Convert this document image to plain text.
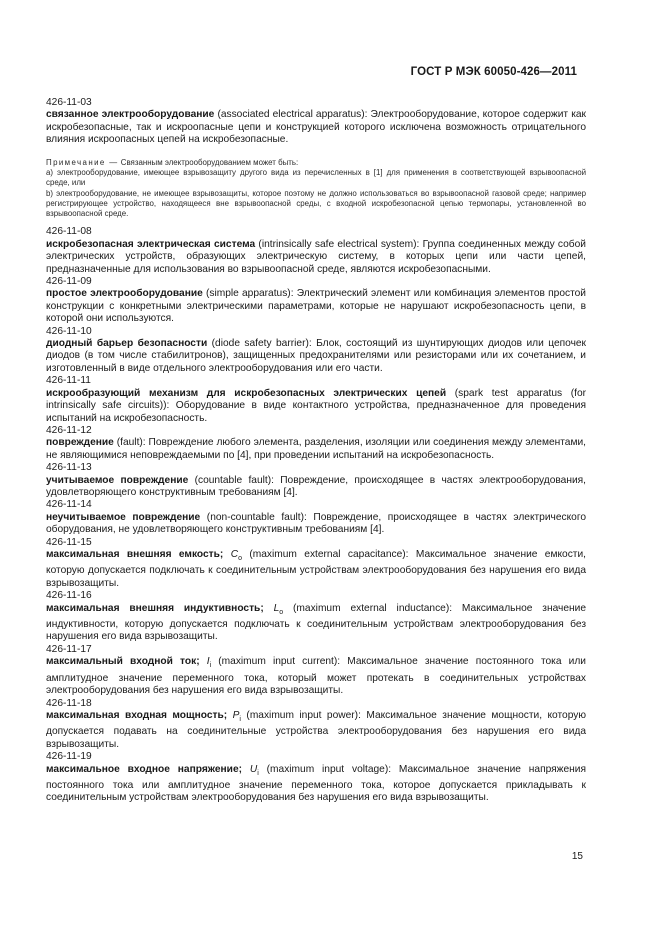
ГОСТ Р МЭК 60050-426—2011
426-11-03
связанное электрооборудование (associated electrical apparatus): Электрооборудование, которое содержит как искробезопасные, так и искроопасные цепи и конструкцией которого исключена возможность отрицательного влияния искроопасных цепей на искробезопасные.

Примечание — Связанным электрооборудованием может быть:

a) электрооборудование, имеющее взрывозащиту другого вида из перечисленных в [1] для применения в соответствующей взрывоопасной среде, или

b) электрооборудование, не имеющее взрывозащиты, которое поэтому не должно использоваться во взрывоопасной газовой среде; например регистрирующее устройство, находящееся вне взрывоопасной среды, с входной искробезопасной цепью термопары, установленной во взрывоопасной среде.

426-11-08
искробезопасная электрическая система (intrinsically safe electrical system): Группа соединенных между собой электрических устройств, образующих электрическую систему, в которых цепи или части цепей, предназначенные для использования во взрывоопасной среде, являются искробезопасными.
426-11-09
простое электрооборудование (simple apparatus): Электрический элемент или комбинация элементов простой конструкции с конкретными электрическими параметрами, которые не нарушают искробезопасность цепи, в которой они используются.
426-11-10
диодный барьер безопасности (diode safety barrier): Блок, состоящий из шунтирующих диодов или цепочек диодов (в том числе стабилитронов), защищенных предохранителями или резисторами или их сочетанием, и изготовленный в виде отдельного электрооборудования или его части.
426-11-11
искрообразующий механизм для искробезопасных электрических цепей (spark test apparatus (for intrinsically safe circuits)): Оборудование в виде контактного устройства, предназначенное для проведения испытаний на искробезопасность.
426-11-12
повреждение (fault): Повреждение любого элемента, разделения, изоляции или соединения между элементами, не являющимися неповреждаемыми по [4], при проведении испытаний на искробезопасность.
426-11-13
учитываемое повреждение (countable fault): Повреждение, происходящее в частях электрооборудования, удовлетворяющего конструктивным требованиям [4].
426-11-14
неучитываемое повреждение (non-countable fault): Повреждение, происходящее в частях электрического оборудования, не удовлетворяющего конструктивным требованиям [4].
426-11-15
максимальная внешняя емкость; $C_o$ (maximum external capacitance): Максимальное значение емкости, которую допускается подключать к соединительным устройствам электрооборудования без нарушения его вида взрывозащиты.
426-11-16
максимальная внешняя индуктивность; $L_o$ (maximum external inductance): Максимальное значение индуктивности, которую допускается подключать к соединительным устройствам электрооборудования без нарушения его вида взрывозащиты.
426-11-17
максимальный входной ток; $I_i$ (maximum input current): Максимальное значение постоянного тока или амплитудное значение переменного тока, который может протекать в соединительных устройствах электрооборудования без нарушения его вида взрывозащиты.
426-11-18
максимальная входная мощность; $P_i$ (maximum input power): Максимальное значение мощности, которую допускается подавать на соединительные устройства электрооборудования без нарушения его вида взрывозащиты.
426-11-19
максимальное входное напряжение; $U_i$ (maximum input voltage): Максимальное значение напряжения постоянного тока или амплитудное значение переменного тока, которое допускается прикладывать к соединительным устройствам электрооборудования без нарушения его вида взрывозащиты.
15
